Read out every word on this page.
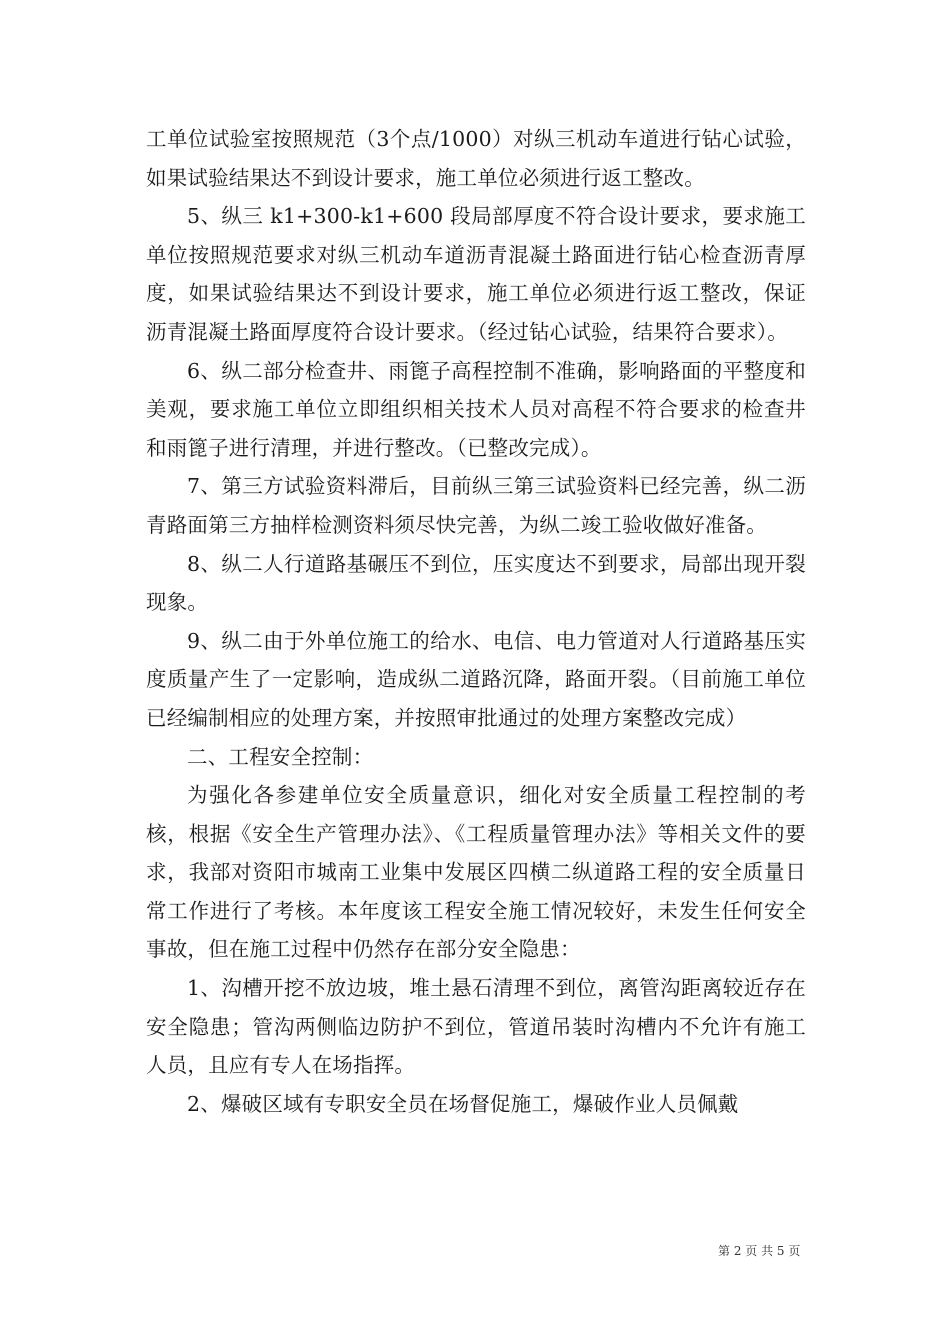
工单位试验室按照规范（3个点/1000）对纵三机动车道进行钻心试验，如果试验结果达不到设计要求，施工单位必须进行返工整改。

5、纵三 k1+300-k1+600 段局部厚度不符合设计要求，要求施工单位按照规范要求对纵三机动车道沥青混凝土路面进行钻心检查沥青厚度，如果试验结果达不到设计要求，施工单位必须进行返工整改，保证沥青混凝土路面厚度符合设计要求。（经过钻心试验，结果符合要求）。

6、纵二部分检查井、雨篦子高程控制不准确，影响路面的平整度和美观，要求施工单位立即组织相关技术人员对高程不符合要求的检查井和雨篦子进行清理，并进行整改。（已整改完成）。

7、第三方试验资料滞后，目前纵三第三试验资料已经完善，纵二沥青路面第三方抽样检测资料须尽快完善，为纵二竣工验收做好准备。

8、纵二人行道路基碾压不到位，压实度达不到要求，局部出现开裂现象。

9、纵二由于外单位施工的给水、电信、电力管道对人行道路基压实度质量产生了一定影响，造成纵二道路沉降，路面开裂。（目前施工单位已经编制相应的处理方案，并按照审批通过的处理方案整改完成）

二、工程安全控制：

为强化各参建单位安全质量意识，细化对安全质量工程控制的考核，根据《安全生产管理办法》、《工程质量管理办法》等相关文件的要求，我部对资阳市城南工业集中发展区四横二纵道路工程的安全质量日常工作进行了考核。本年度该工程安全施工情况较好，未发生任何安全事故，但在施工过程中仍然存在部分安全隐患：

1、沟槽开挖不放边坡，堆土悬石清理不到位，离管沟距离较近存在安全隐患；管沟两侧临边防护不到位，管道吊装时沟槽内不允许有施工人员，且应有专人在场指挥。

2、爆破区域有专职安全员在场督促施工，爆破作业人员佩戴

第 2 页 共 5 页
